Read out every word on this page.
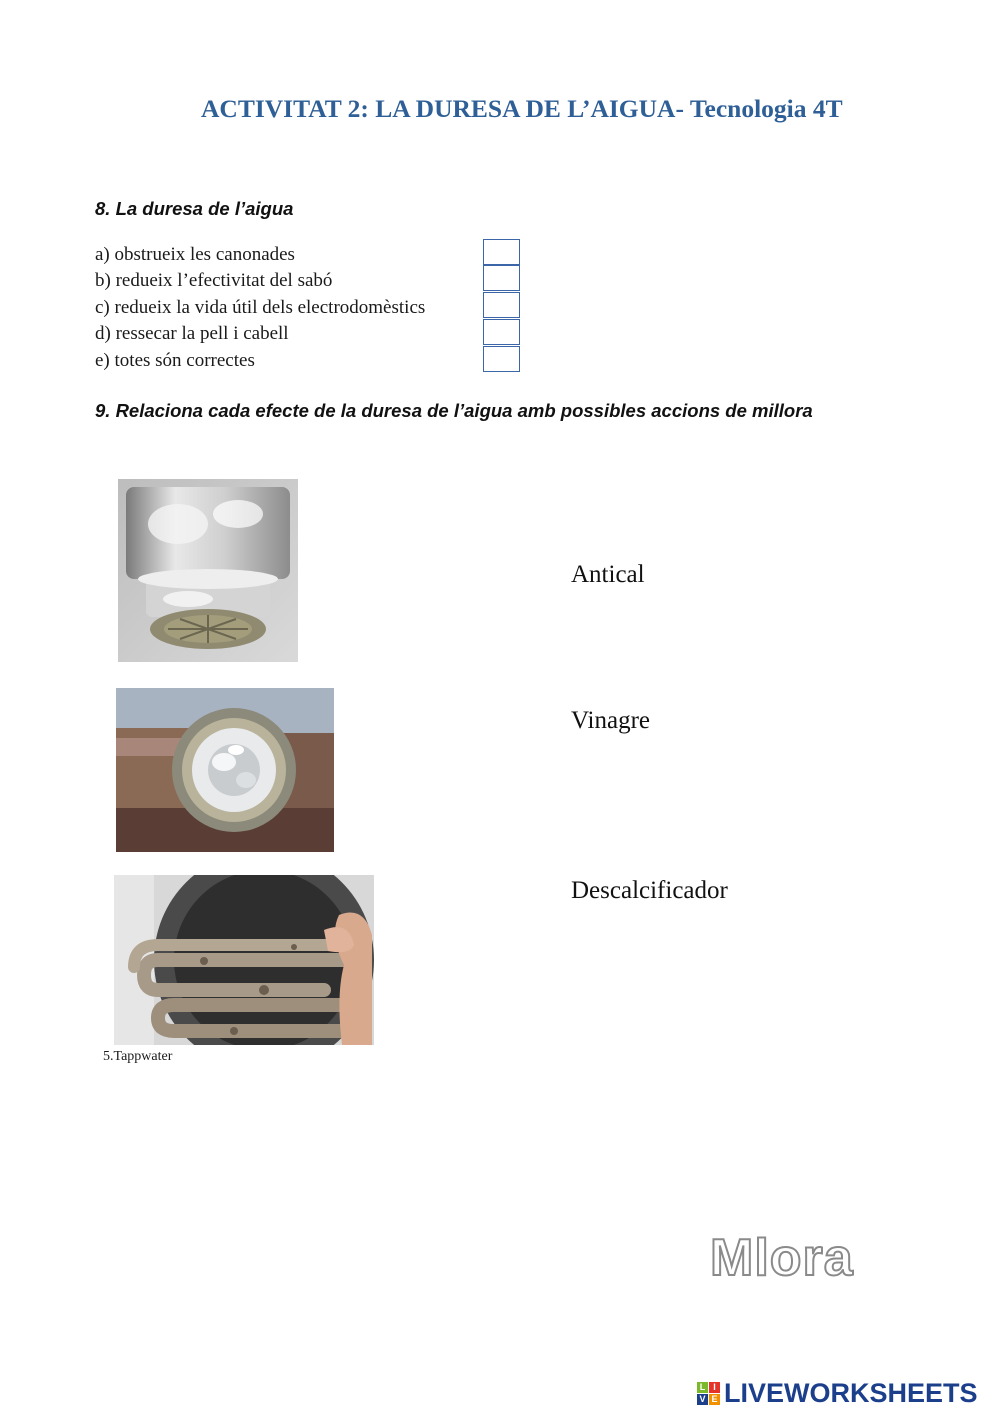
ACTIVITAT 2: LA DURESA DE L’AIGUA- Tecnologia 4T
8. La duresa de l’aigua
a) obstrueix les canonades
b) redueix l’efectivitat del sabó
c) redueix la vida útil dels electrodomèstics
d) ressecar la pell i cabell
e) totes són correctes
9. Relaciona cada efecte de la duresa de l’aigua amb possibles accions de millora
5.Tappwater
Antical
Vinagre
Descalcificador
Mlora
L I
V E LIVEWORKSHEETS
